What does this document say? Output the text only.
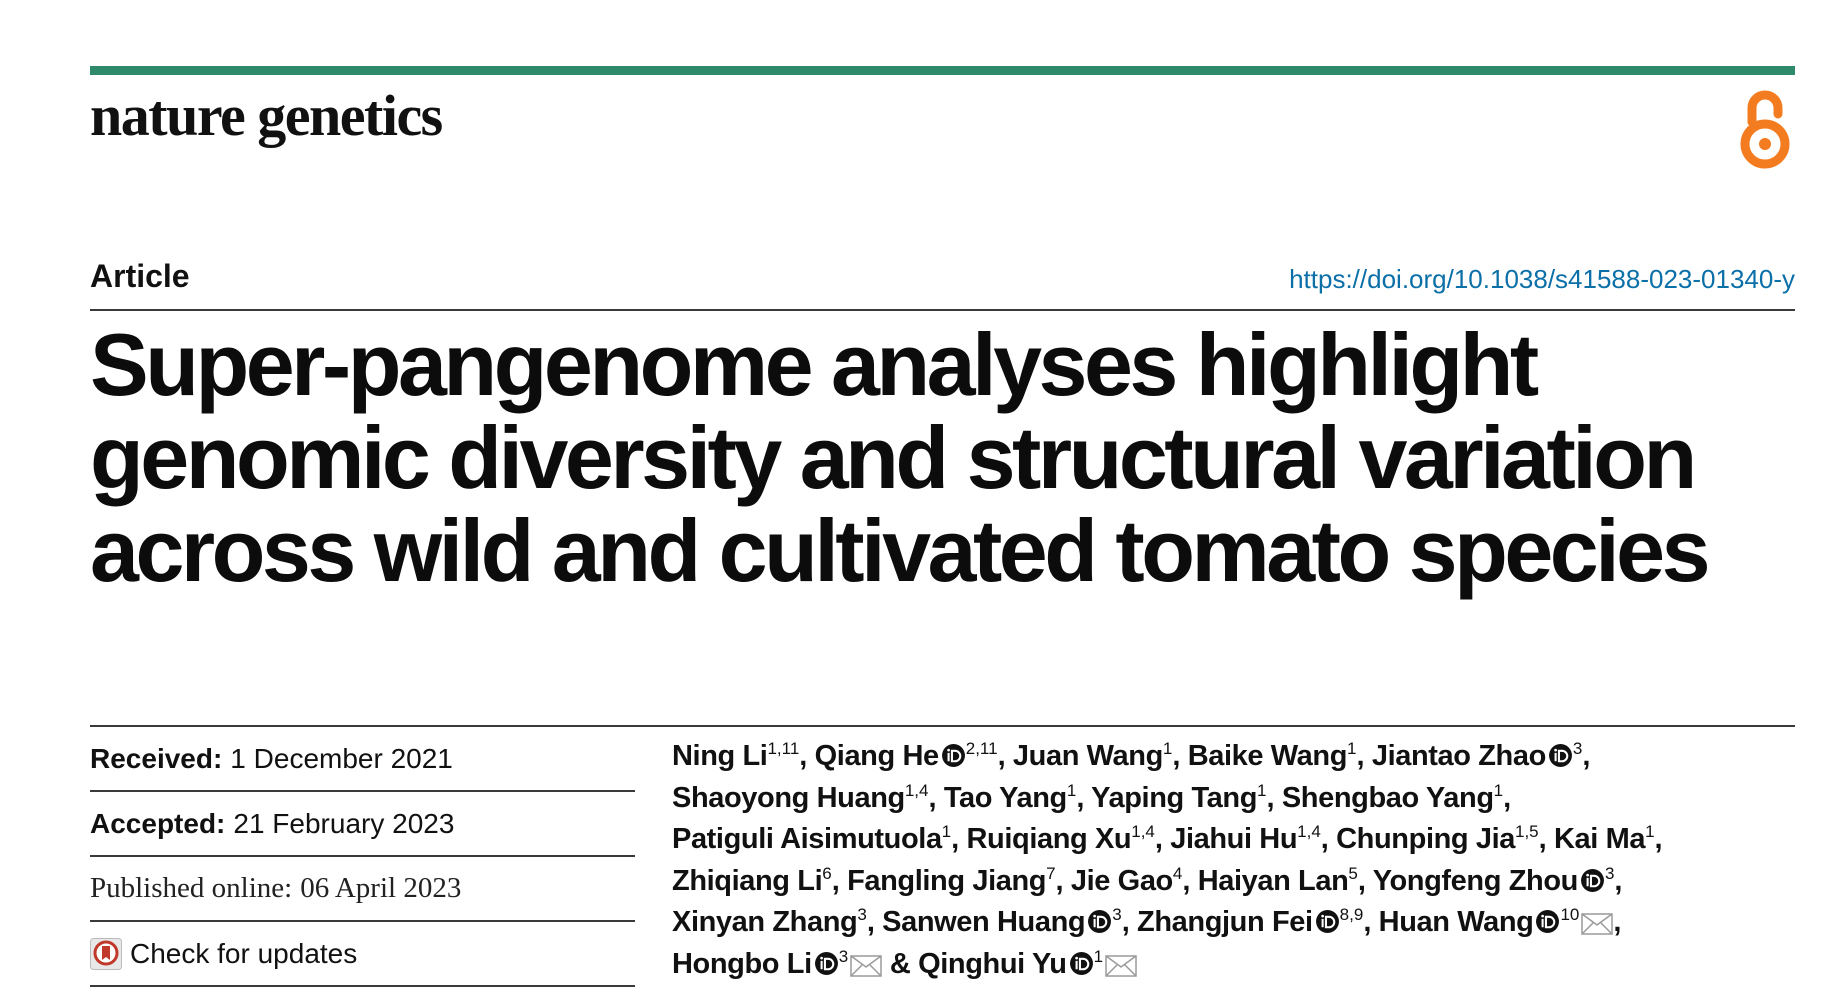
nature genetics
Article	https://doi.org/10.1038/s41588-023-01340-y
Super-pangenome analyses highlight genomic diversity and structural variation across wild and cultivated tomato species
Received: 1 December 2021
Accepted: 21 February 2023
Published online: 06 April 2023
Check for updates

Ning Li$^{1,11}$, Qiang He $^{2,11}$, Juan Wang$^1$, Baike Wang$^1$, Jiantao Zhao $^3$, Shaoyong Huang$^{1,4}$, Tao Yang$^1$, Yaping Tang$^1$, Shengbao Yang$^1$, Patiguli Aisimutuola$^1$, Ruiqiang Xu$^{1,4}$, Jiahui Hu$^{1,4}$, Chunping Jia$^{1,5}$, Kai Ma$^1$, Zhiqiang Li$^6$, Fangling Jiang$^7$, Jie Gao$^4$, Haiyan Lan$^5$, Yongfeng Zhou $^3$, Xinyan Zhang$^3$, Sanwen Huang $^3$, Zhangjun Fei $^{8,9}$, Huan Wang $^{10}$ , Hongbo Li $^3$ & Qinghui Yu $^1$
